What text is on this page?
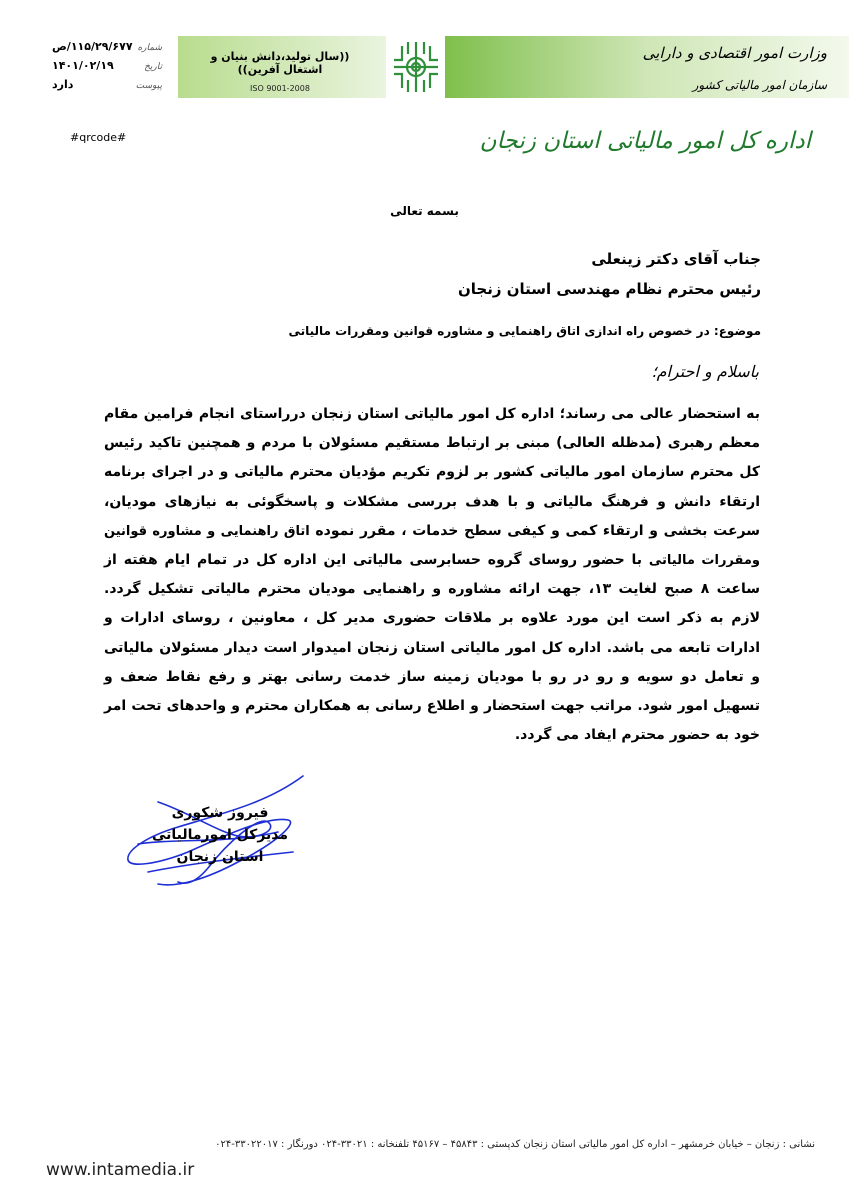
((سال تولید،دانش بنیان و اشتغال آفرین))
ISO 9001-2008
وزارت امور اقتصادی و دارایی
سازمان امور مالیاتی کشور
شماره
۱۱۵/۲۹/۶۷۷/ص
تاریخ
۱۴۰۱/۰۲/۱۹
پیوست
دارد
اداره کل امور مالیاتی استان زنجان
#qrcode#
بسمه تعالی
جناب آقای دکتر زینعلی
رئیس محترم نظام مهندسی استان زنجان
موضوع: در خصوص راه اندازی اتاق راهنمایی و مشاوره قوانین ومقررات مالیاتی
باسلام و احترام؛
به استحضار عالی می رساند؛ اداره کل امور مالیاتی استان زنجان درراستای انجام فرامین مقام معظم رهبری (مدظله العالی) مبنی بر ارتباط مستقیم مسئولان با مردم و همچنین تاکید رئیس کل محترم سازمان امور مالیاتی کشور بر لزوم تکریم مؤدیان محترم مالیاتی و در اجرای برنامه ارتقاء دانش و فرهنگ مالیاتی و با هدف بررسی مشکلات و پاسخگوئی به نیازهای مودیان، سرعت بخشی و ارتقاء کمی و کیفی سطح خدمات ، مقرر نموده اتاق راهنمایی و مشاوره قوانین ومقررات مالیاتی با حضور روسای گروه حسابرسی مالیاتی این اداره کل در تمام ایام هفته از ساعت ۸ صبح لغایت ۱۳، جهت ارائه مشاوره و راهنمایی مودیان محترم مالیاتی تشکیل گردد. لازم به ذکر است این مورد علاوه بر ملاقات حضوری مدیر کل ، معاونین ، روسای ادارات و ادارات تابعه می باشد. اداره کل امور مالیاتی استان زنجان امیدوار است دیدار مسئولان مالیاتی و تعامل دو سویه و رو در رو با مودیان زمینه ساز خدمت رسانی بهتر و رفع نقاط ضعف و تسهیل امور شود. مراتب جهت استحضار و اطلاع رسانی به همکاران محترم و واحدهای تحت امر خود به حضور محترم ایفاد می گردد.
فیروز شکوری
مدیرکل امورمالیاتی
استان زنجان
نشانی : زنجان – خیابان خرمشهر – اداره کل امور مالیاتی استان زنجان کدپستی : ۴۵۸۴۳ – ۴۵۱۶۷ تلفنخانه : ۳۳۰۲۱-۰۲۴ دورنگار : ۳۳۰۲۲۰۱۷-۰۲۴
www.intamedia.ir
